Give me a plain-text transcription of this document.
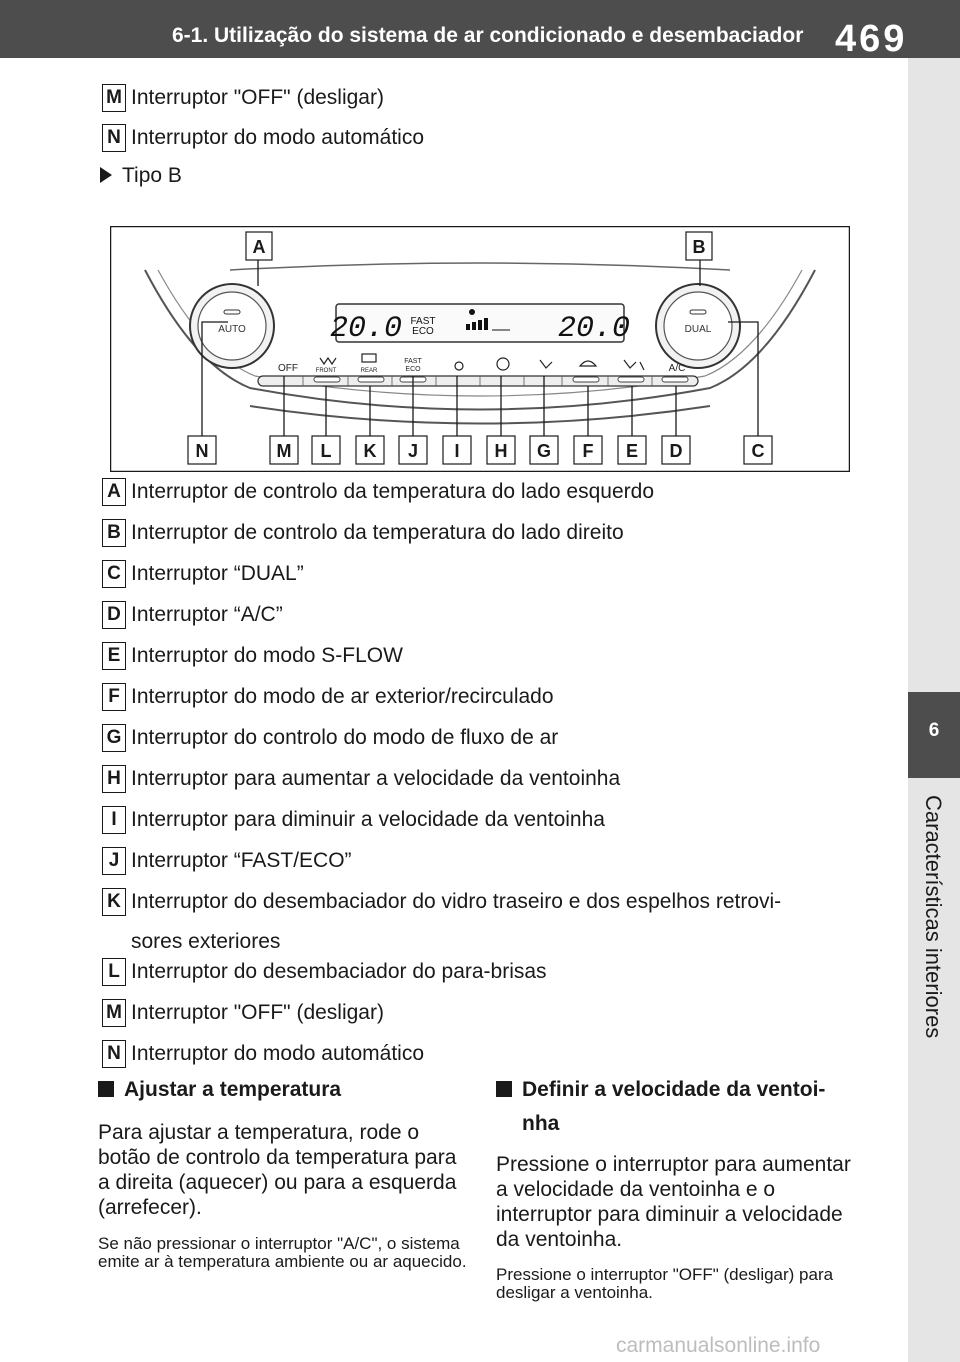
6-1. Utilização do sistema de ar condicionado e desembaciador 469
6
Características interiores
M Interruptor "OFF" (desligar)
N Interruptor do modo automático
Tipo B
AUTO	DUAL
20.0 FAST
ECO	20.0
OFF	FRONT	REAR
FAST
ECO	A/C
A	B
N	M L K J I H G F E D	C
A Interruptor de controlo da temperatura do lado esquerdo
B Interruptor de controlo da temperatura do lado direito
C Interruptor “DUAL”
D Interruptor “A/C”
E Interruptor do modo S-FLOW
F Interruptor do modo de ar exterior/recirculado
G Interruptor do controlo do modo de fluxo de ar
H Interruptor para aumentar a velocidade da ventoinha
I Interruptor para diminuir a velocidade da ventoinha
J Interruptor “FAST/ECO”
K Interruptor do desembaciador do vidro traseiro e dos espelhos retrovi-
sores exteriores
L Interruptor do desembaciador do para-brisas
M Interruptor "OFF" (desligar)
N Interruptor do modo automático
Ajustar a temperatura
Para ajustar a temperatura, rode o botão de controlo da temperatura para a direita (aquecer) ou para a esquerda (arrefecer).
Se não pressionar o interruptor "A/C", o sistema emite ar à temperatura ambiente ou ar aquecido.
Definir a velocidade da ventoi-
nha
Pressione o interruptor para aumentar a velocidade da ventoinha e o interruptor para diminuir a velocidade da ventoinha.
Pressione o interruptor "OFF" (desligar) para desligar a ventoinha.
carmanualsonline.info
